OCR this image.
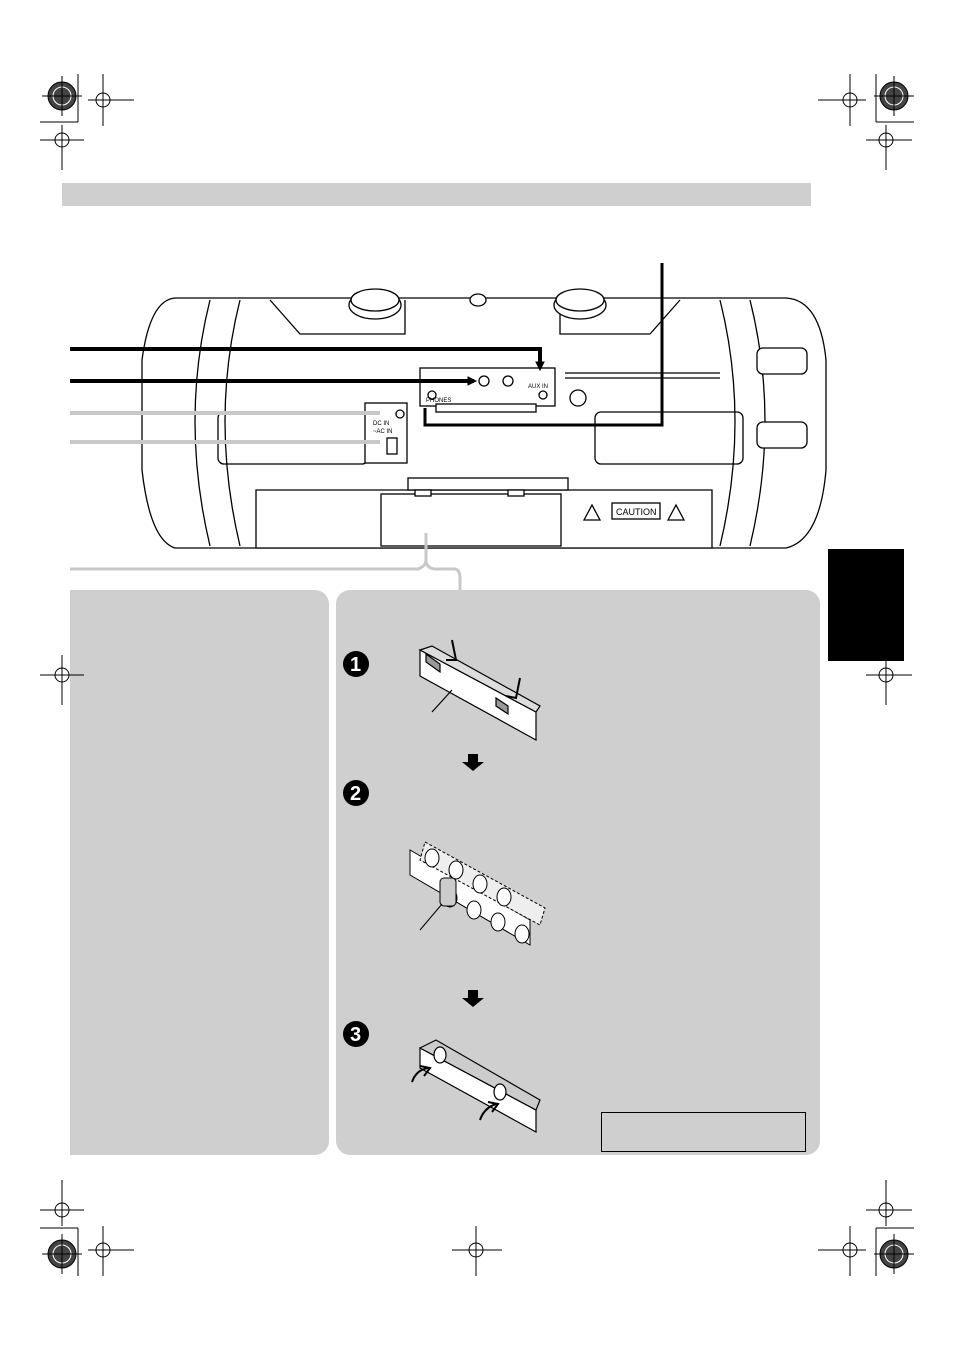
AUX IN
PHONES
DC IN
~AC IN
CAUTION
1
2
3
